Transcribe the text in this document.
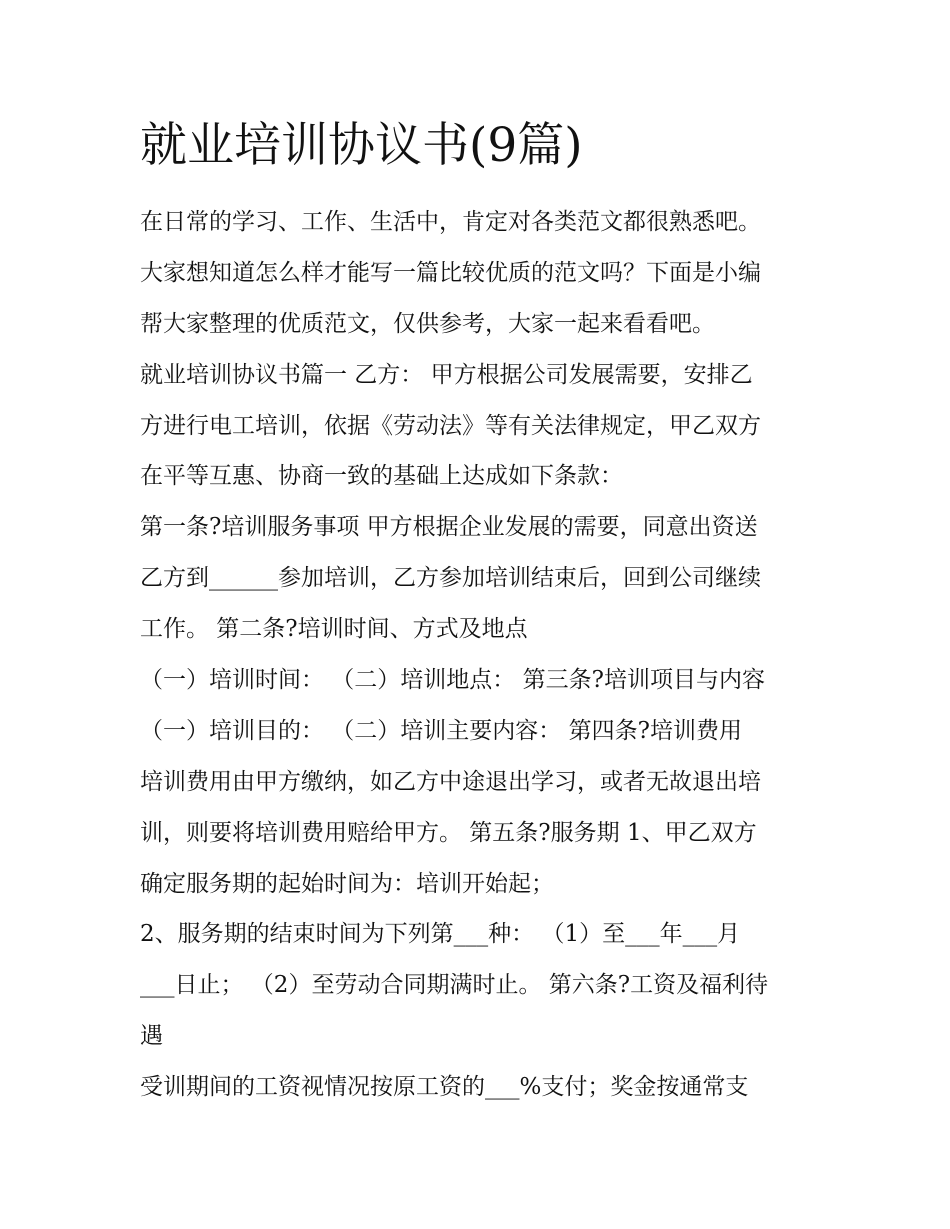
就业培训协议书(9篇)
在日常的学习、工作、生活中，肯定对各类范文都很熟悉吧。
大家想知道怎么样才能写一篇比较优质的范文吗？下面是小编
帮大家整理的优质范文，仅供参考，大家一起来看看吧。
就业培训协议书篇一 乙方： 甲方根据公司发展需要，安排乙
方进行电工培训，依据《劳动法》等有关法律规定，甲乙双方
在平等互惠、协商一致的基础上达成如下条款：
第一条?培训服务事项 甲方根据企业发展的需要，同意出资送
乙方到______参加培训，乙方参加培训结束后，回到公司继续
工作。 第二条?培训时间、方式及地点
（一）培训时间： （二）培训地点： 第三条?培训项目与内容
（一）培训目的： （二）培训主要内容： 第四条?培训费用
培训费用由甲方缴纳，如乙方中途退出学习，或者无故退出培
训，则要将培训费用赔给甲方。 第五条?服务期 1、甲乙双方
确定服务期的起始时间为：培训开始起；
2、服务期的结束时间为下列第___种： （1）至___年___月
___日止； （2）至劳动合同期满时止。 第六条?工资及福利待
遇
受训期间的工资视情况按原工资的___%支付；奖金按通常支
